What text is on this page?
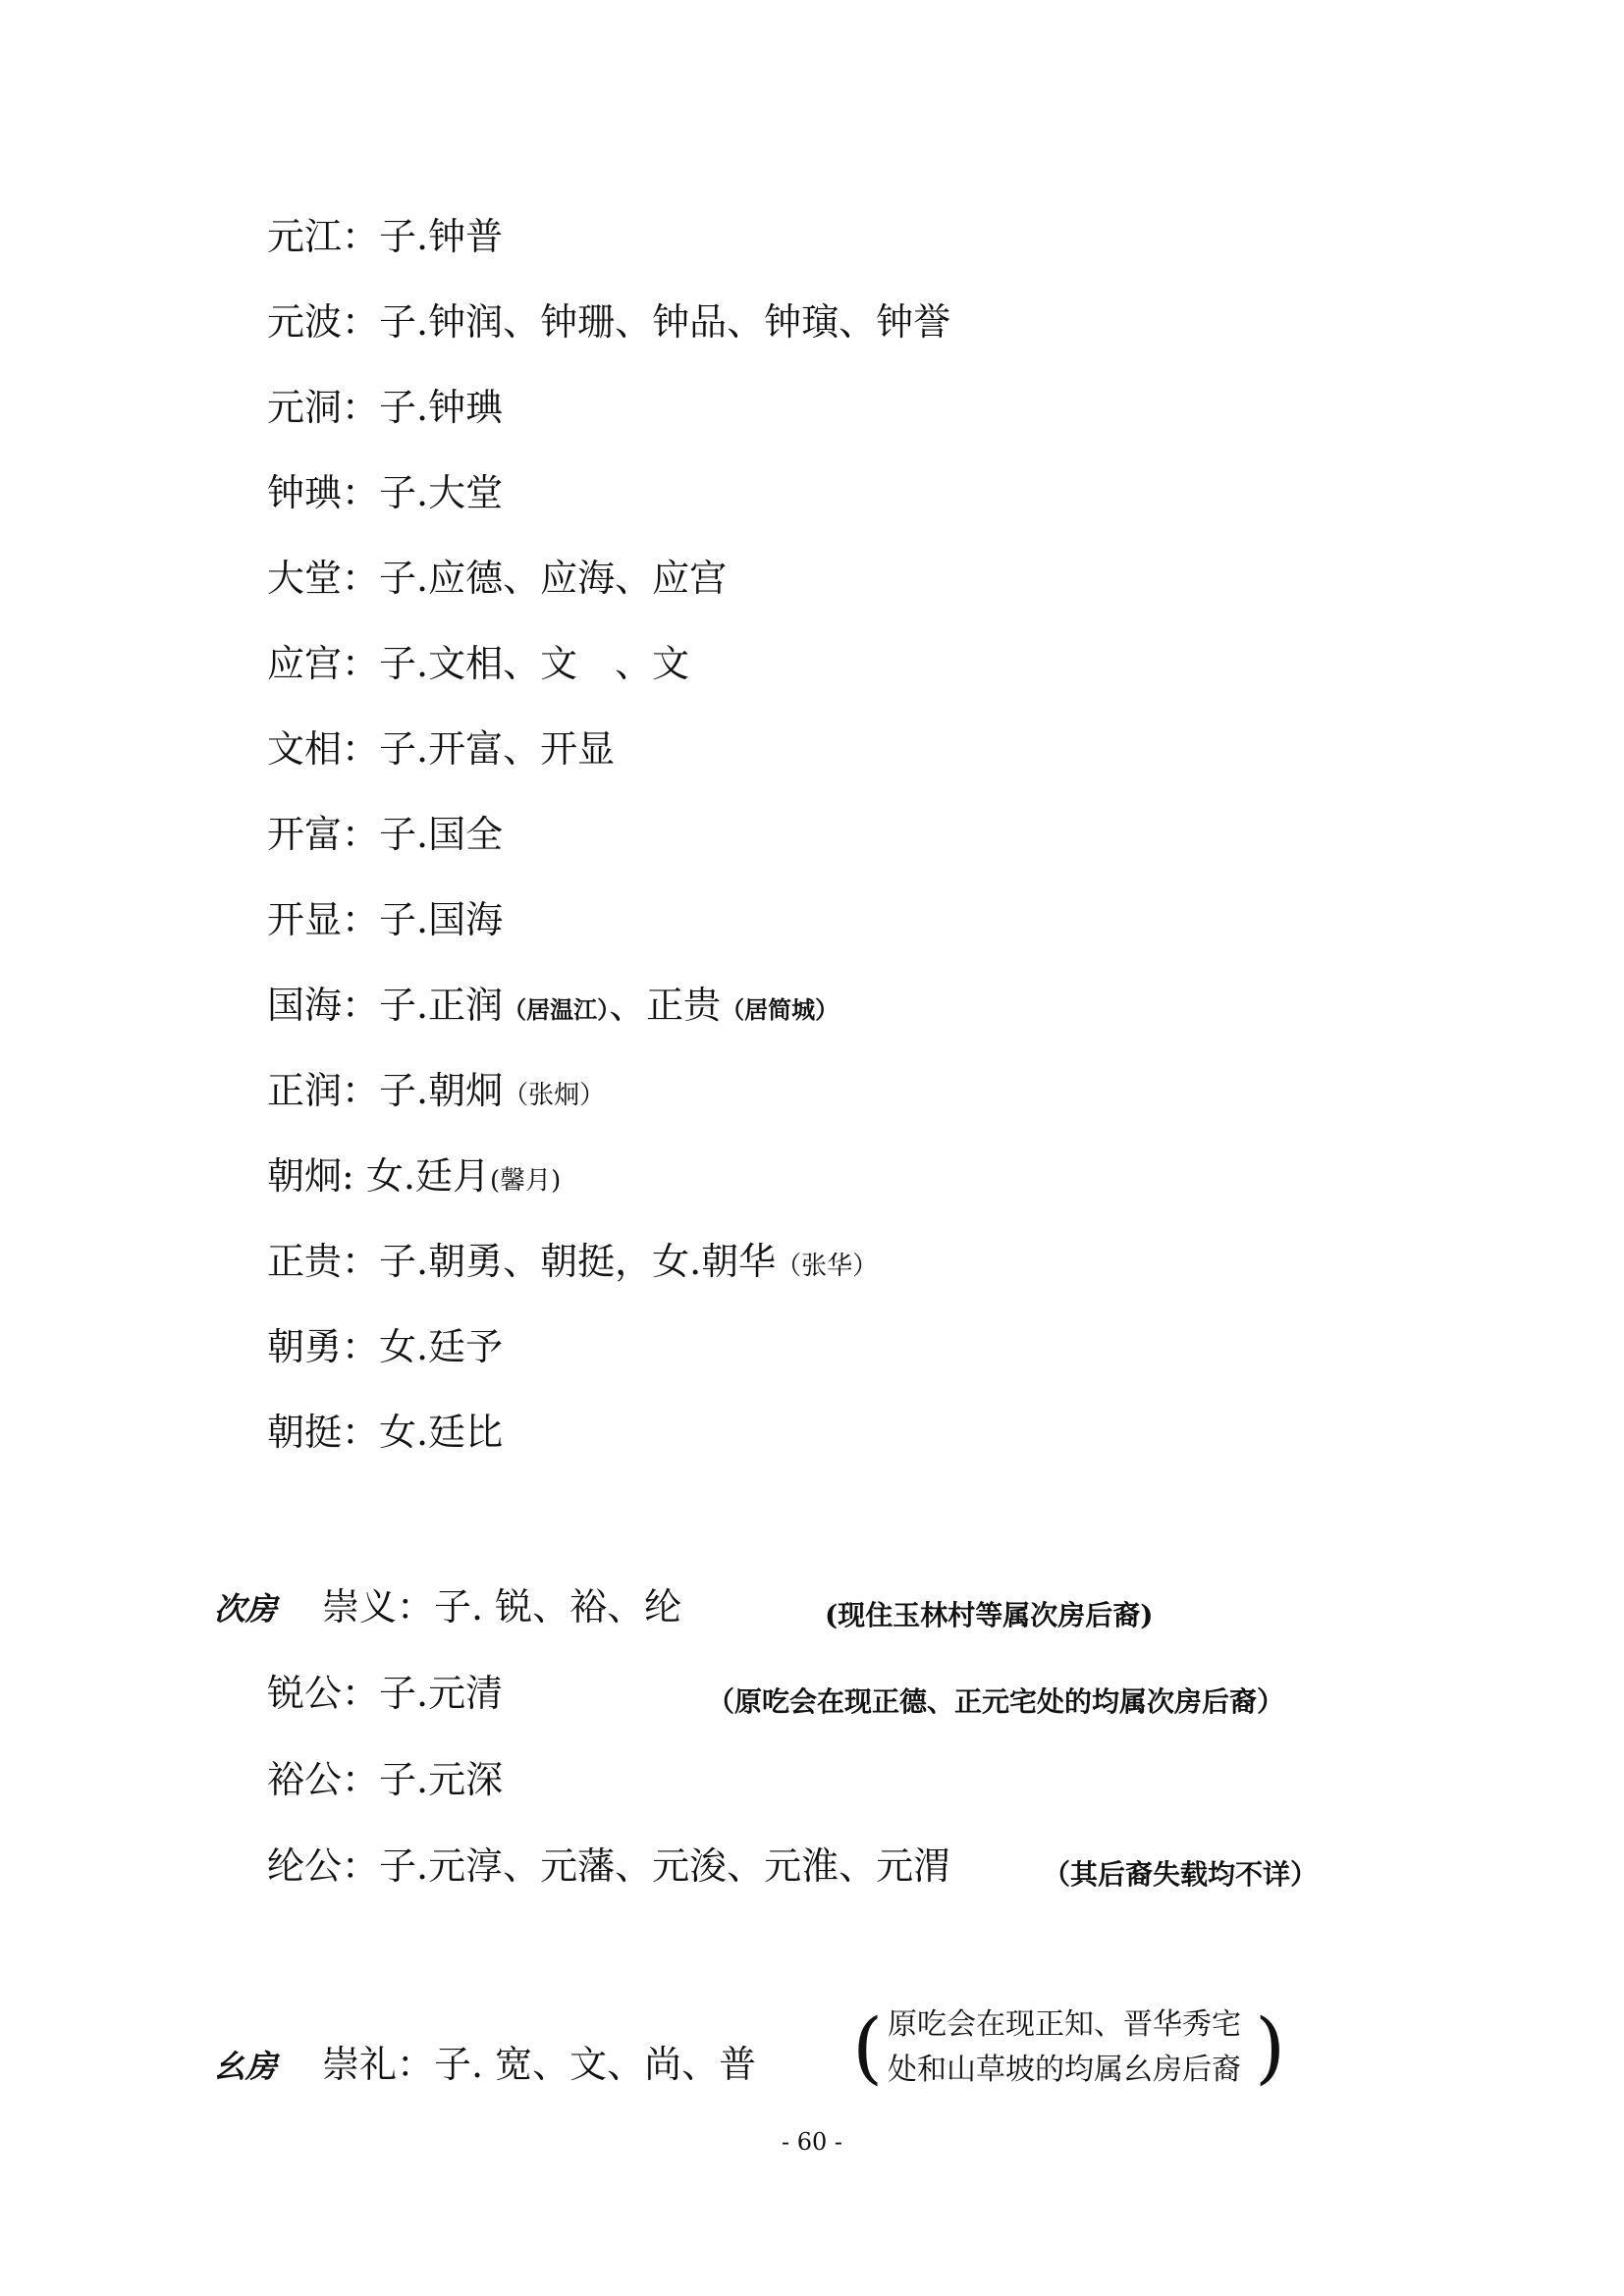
元江：子.钟普
元波：子.钟润、钟珊、钟品、钟璌、钟誉
元洞：子.钟琠
钟琠：子.大堂
大堂：子.应德、应海、应宫
应宫：子.文相、文　、文
文相：子.开富、开显
开富：子.国全
开显：子.国海
国海：子.正润（居温江）、正贵（居简城）
正润：子.朝炯（张炯）
朝炯: 女.廷月(馨月)
正贵：子.朝勇、朝挺，女.朝华（张华）
朝勇：女.廷予
朝挺：女.廷比
次房 崇义：子. 锐、裕、纶	(现住玉林村等属次房后裔)
锐公：子.元清	（原吃会在现正德、正元宅处的均属次房后裔）
裕公：子.元深
纶公：子.元淳、元藩、元浚、元淮、元渭	（其后裔失载均不详）
幺房 崇礼：子. 宽、文、尚、普 ( 原吃会在现正知、晋华秀宅
处和山草坡的均属幺房后裔 )
- 60 -
